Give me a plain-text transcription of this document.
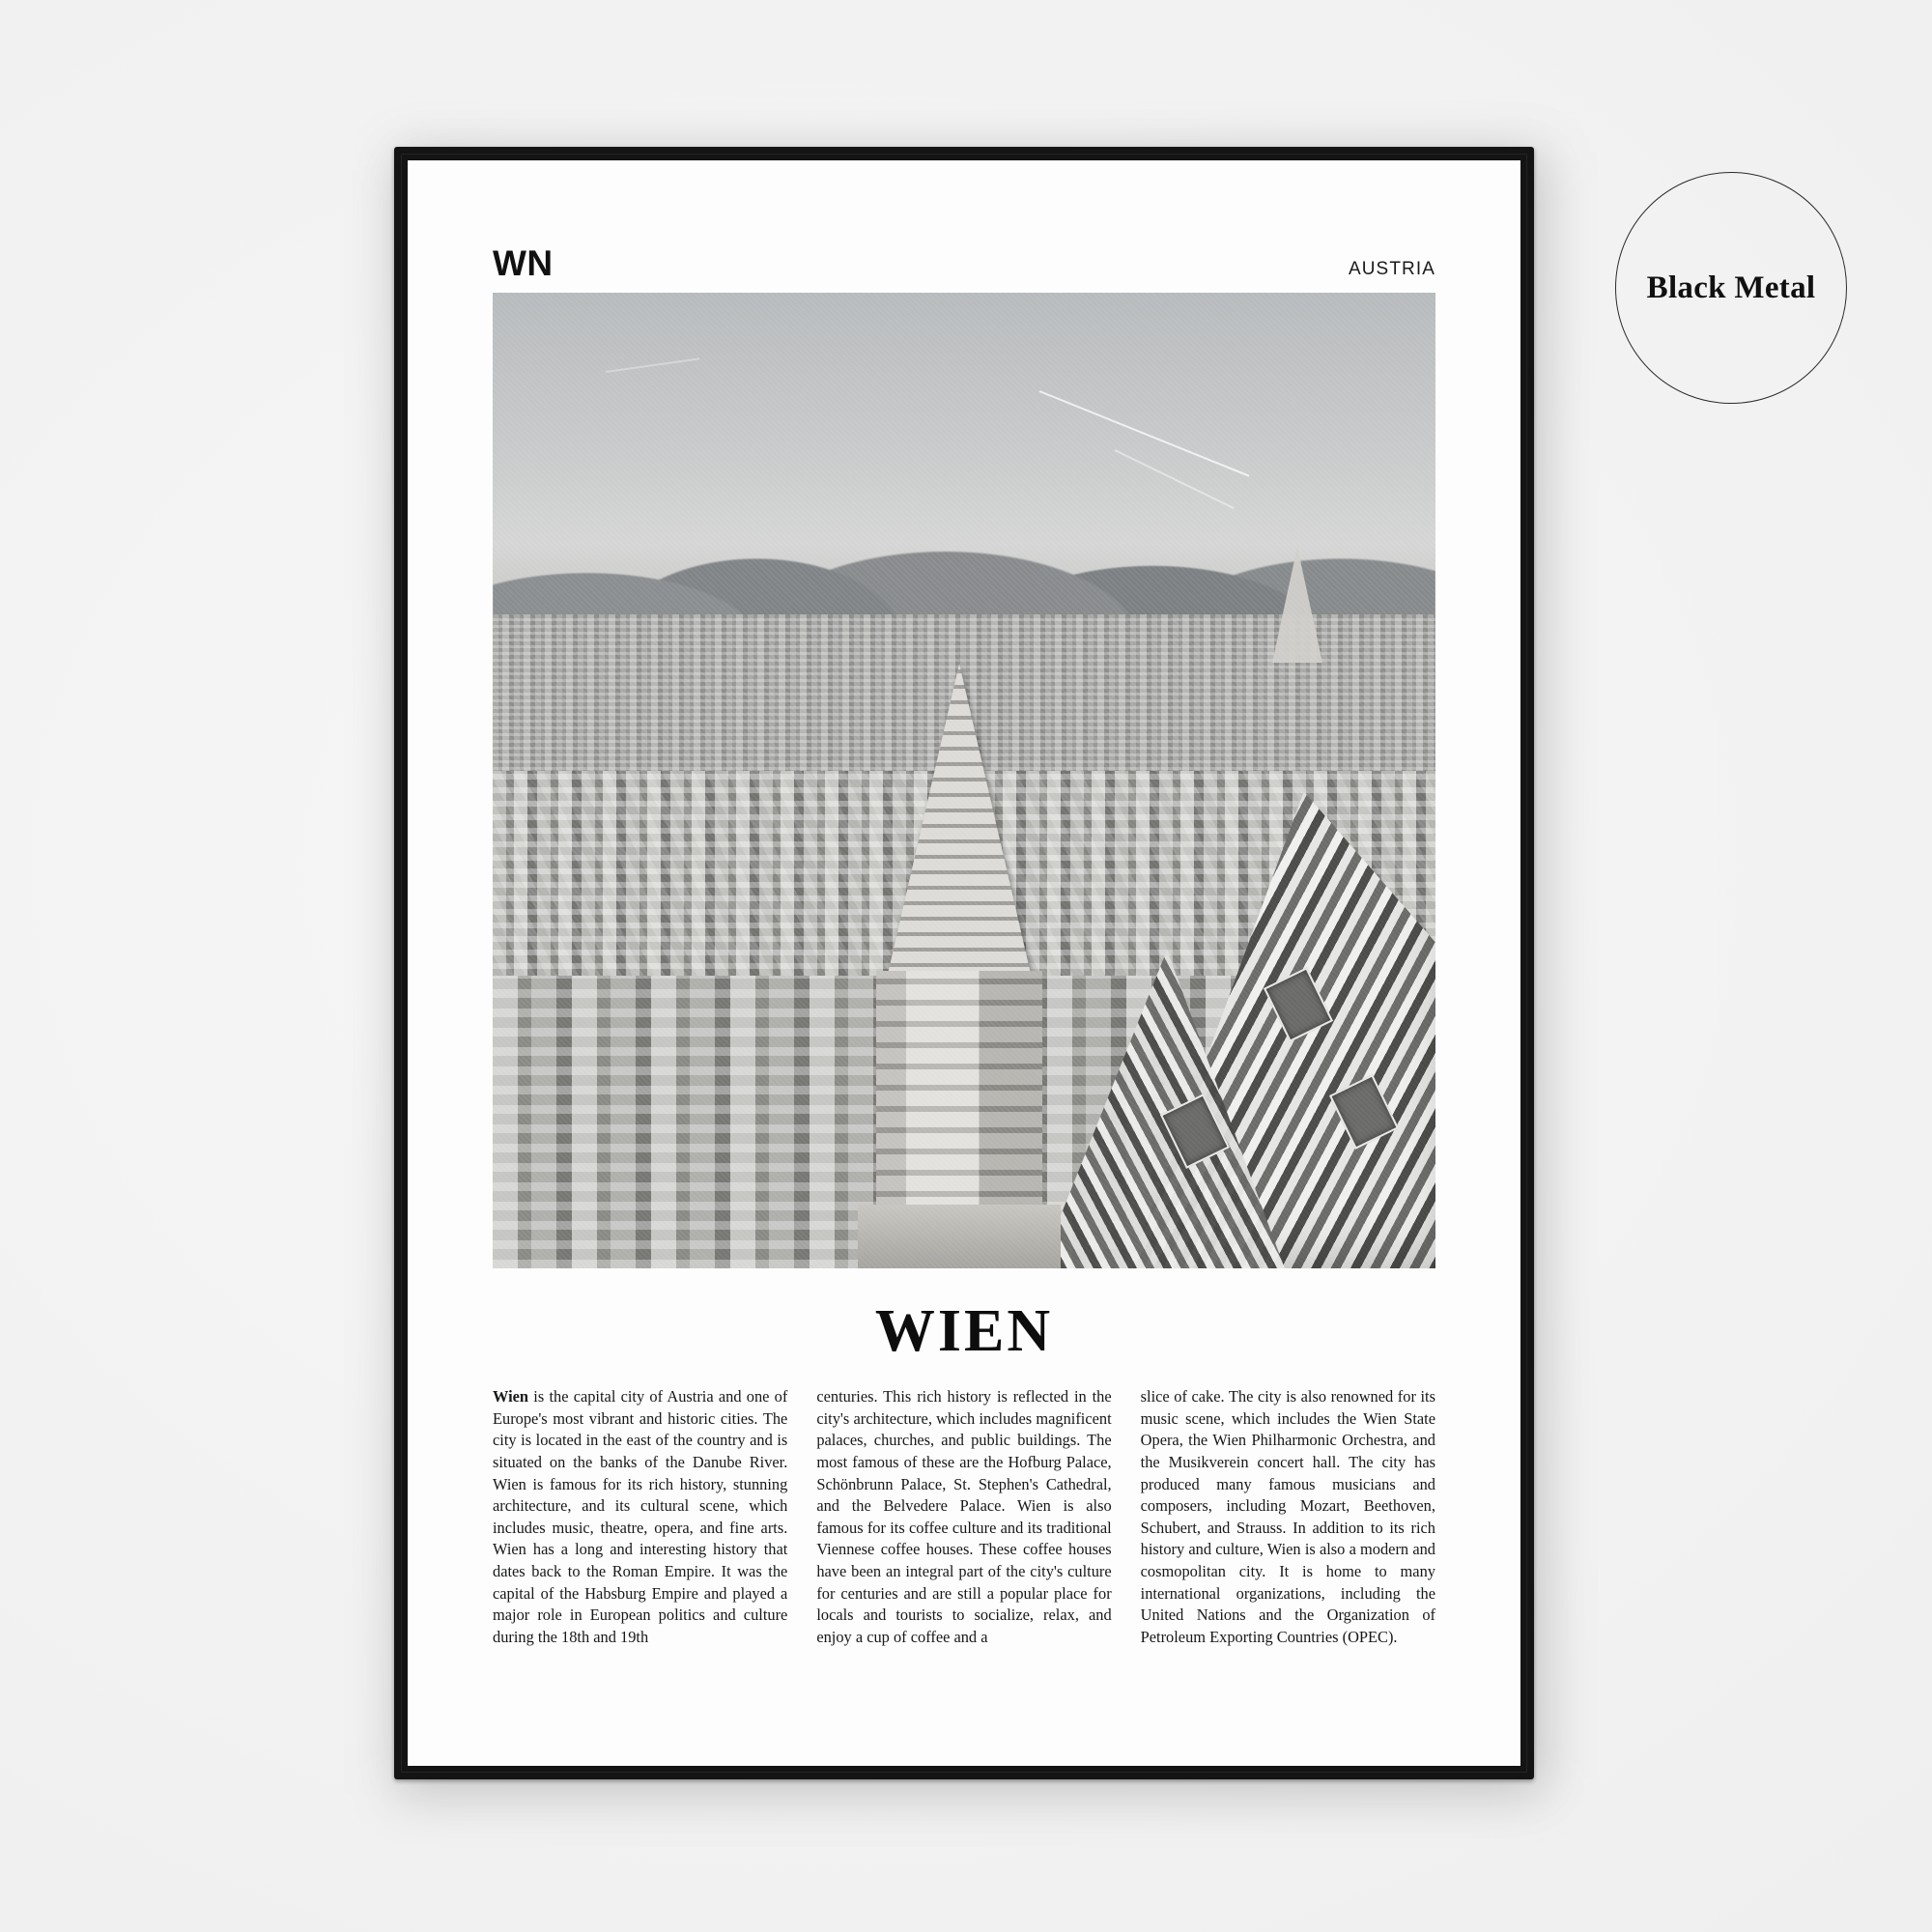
WN	AUSTRIA
WIEN
Wien is the capital city of Austria and one of Europe's most vibrant and historic cities. The city is located in the east of the country and is situated on the banks of the Danube River. Wien is famous for its rich history, stunning architecture, and its cultural scene, which includes music, theatre, opera, and fine arts. Wien has a long and interesting history that dates back to the Roman Empire. It was the capital of the Habsburg Empire and played a major role in European politics and culture during the 18th and 19th
centuries. This rich history is reflected in the city's architecture, which includes magnificent palaces, churches, and public buildings. The most famous of these are the Hofburg Palace, Schönbrunn Palace, St. Stephen's Cathedral, and the Belvedere Palace. Wien is also famous for its coffee culture and its traditional Viennese coffee houses. These coffee houses have been an integral part of the city's culture for centuries and are still a popular place for locals and tourists to socialize, relax, and enjoy a cup of coffee and a
slice of cake. The city is also renowned for its music scene, which includes the Wien State Opera, the Wien Philharmonic Orchestra, and the Musikverein concert hall. The city has produced many famous musicians and composers, including Mozart, Beethoven, Schubert, and Strauss. In addition to its rich history and culture, Wien is also a modern and cosmopolitan city. It is home to many international organizations, including the United Nations and the Organization of Petroleum Exporting Countries (OPEC).
Black Metal
